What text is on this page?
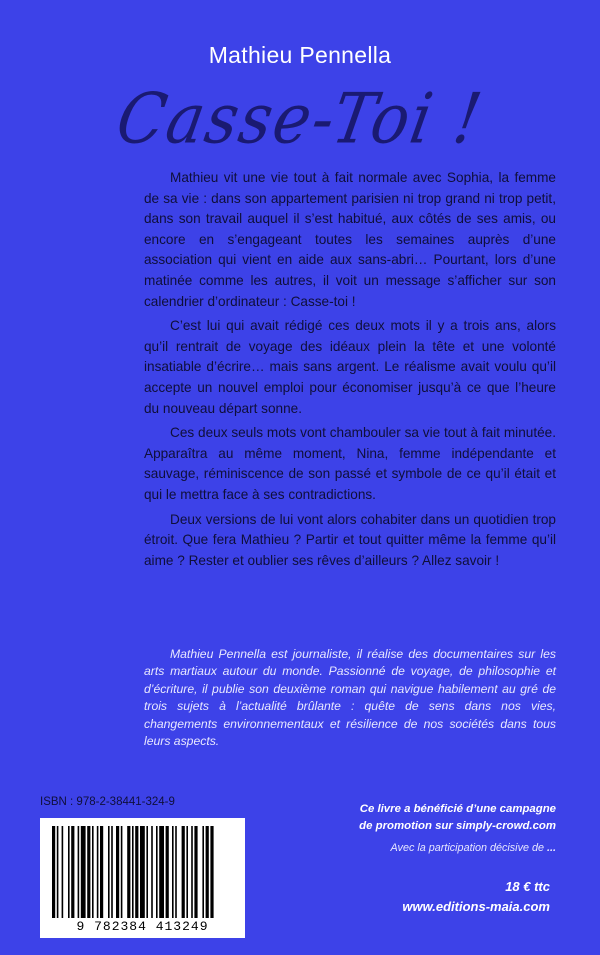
Mathieu Pennella
Casse-Toi !

Mathieu vit une vie tout à fait normale avec Sophia, la femme de sa vie : dans son appartement parisien ni trop grand ni trop petit, dans son travail auquel il s’est habitué, aux côtés de ses amis, ou encore en s’engageant toutes les semaines auprès d’une association qui vient en aide aux sans-abri… Pourtant, lors d’une matinée comme les autres, il voit un message s’afficher sur son calendrier d’ordinateur : Casse-toi !

C’est lui qui avait rédigé ces deux mots il y a trois ans, alors qu’il rentrait de voyage des idéaux plein la tête et une volonté insatiable d’écrire… mais sans argent. Le réalisme avait voulu qu’il accepte un nouvel emploi pour économiser jusqu’à ce que l’heure du nouveau départ sonne.

Ces deux seuls mots vont chambouler sa vie tout à fait minutée. Apparaîtra au même moment, Nina, femme indépendante et sauvage, réminiscence de son passé et symbole de ce qu’il était et qui le mettra face à ses contradictions.

Deux versions de lui vont alors cohabiter dans un quotidien trop étroit. Que fera Mathieu ? Partir et tout quitter même la femme qu’il aime ? Rester et oublier ses rêves d’ailleurs ? Allez savoir !

Mathieu Pennella est journaliste, il réalise des documentaires sur les arts martiaux autour du monde. Passionné de voyage, de philosophie et d’écriture, il publie son deuxième roman qui navigue habilement au gré de trois sujets à l’actualité brûlante : quête de sens dans nos vies, changements environnementaux et résilience de nos sociétés dans tous leurs aspects.
ISBN : 978-2-38441-324-9
9 782384 413249
Ce livre a bénéficié d’une campagne
de promotion sur simply-crowd.com
Avec la participation décisive de ...
18 € ttc
www.editions-maia.com
